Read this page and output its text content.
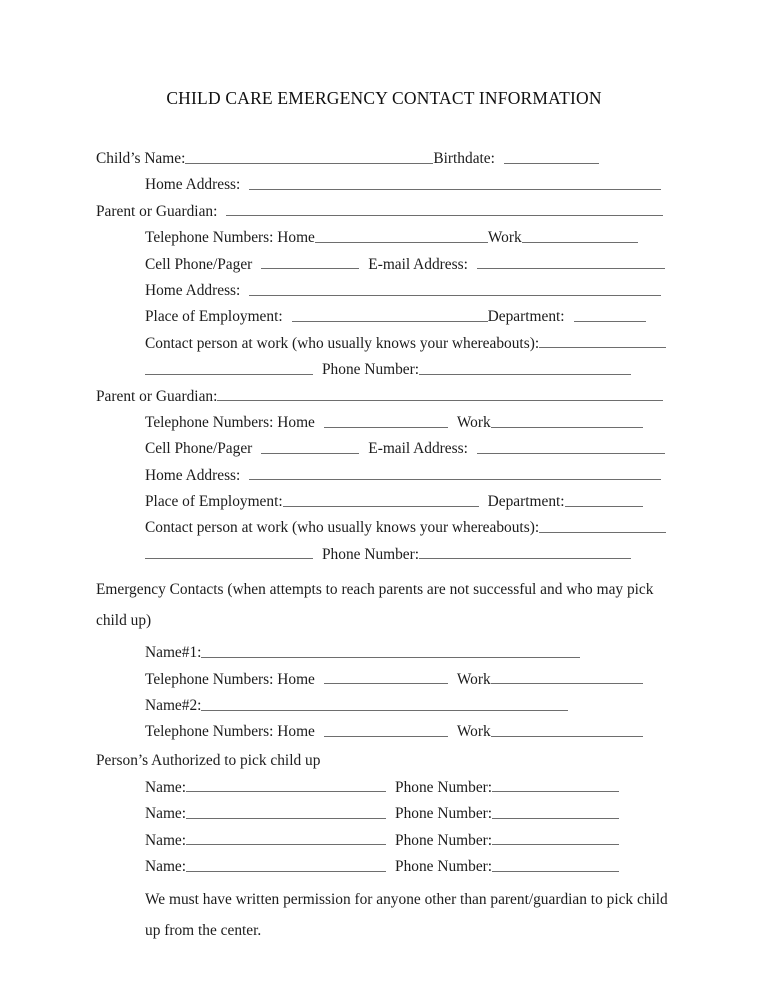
CHILD CARE EMERGENCY CONTACT INFORMATION
Child’s Name:	Birthdate:
Home Address:
Parent or Guardian:
Telephone Numbers: Home	Work
Cell Phone/Pager	E-mail Address:
Home Address:
Place of Employment:	Department:
Contact person at work (who usually knows your whereabouts):
Phone Number:
Parent or Guardian:
Telephone Numbers: Home	Work
Cell Phone/Pager	E-mail Address:
Home Address:
Place of Employment:	Department:
Contact person at work (who usually knows your whereabouts):
Phone Number:
Emergency Contacts (when attempts to reach parents are not successful and who may pick
child up)
Name#1:
Telephone Numbers: Home	Work
Name#2:
Telephone Numbers: Home	Work
Person’s Authorized to pick child up
Name:	Phone Number:
Name:	Phone Number:
Name:	Phone Number:
Name:	Phone Number:
We must have written permission for anyone other than parent/guardian to pick child
up from the center.
